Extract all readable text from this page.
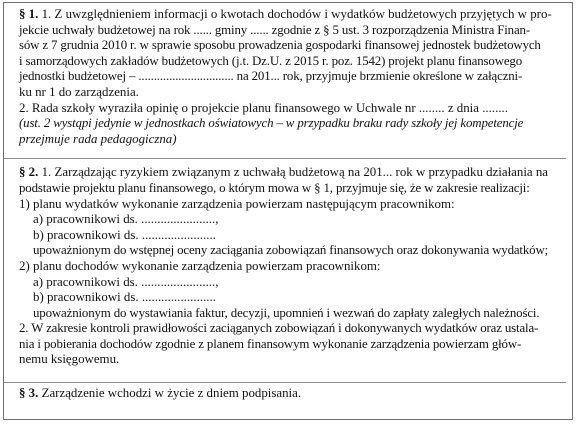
§ 1. 1. Z uwzględnieniem informacji o kwotach dochodów i wydatków budżetowych przyjętych w pro-

jekcie uchwały budżetowej na rok ...... gminy ...... zgodnie z § 5 ust. 3 rozporządzenia Ministra Finan-

sów z 7 grudnia 2010 r. w sprawie sposobu prowadzenia gospodarki finansowej jednostek budżetowych

i samorządowych zakładów budżetowych (j.t. Dz.U. z 2015 r. poz. 1542) projekt planu finansowego

jednostki budżetowej – ............................... na 201... rok, przyjmuje brzmienie określone w załączni-

ku nr 1 do zarządzenia.

2. Rada szkoły wyraziła opinię o projekcie planu finansowego w Uchwale nr ........ z dnia ........

(ust. 2 wystąpi jedynie w jednostkach oświatowych – w przypadku braku rady szkoły jej kompetencje

przejmuje rada pedagogiczna)

§ 2. 1. Zarządzając ryzykiem związanym z uchwałą budżetową na 201... rok w przypadku działania na

podstawie projektu planu finansowego, o którym mowa w § 1, przyjmuje się, że w zakresie realizacji:

1) planu wydatków wykonanie zarządzenia powierzam następującym pracownikom:

a) pracownikowi ds. .......................,

b) pracownikowi ds. .......................

upoważnionym do wstępnej oceny zaciągania zobowiązań finansowych oraz dokonywania wydatków;

2) planu dochodów wykonanie zarządzenia powierzam pracownikom:

a) pracownikowi ds. .......................,

b) pracownikowi ds. .......................

upoważnionym do wystawiania faktur, decyzji, upomnień i wezwań do zapłaty zaległych należności.

2. W zakresie kontroli prawidłowości zaciąganych zobowiązań i dokonywanych wydatków oraz ustala-

nia i pobierania dochodów zgodnie z planem finansowym wykonanie zarządzenia powierzam głów-

nemu księgowemu.

§ 3. Zarządzenie wchodzi w życie z dniem podpisania.
